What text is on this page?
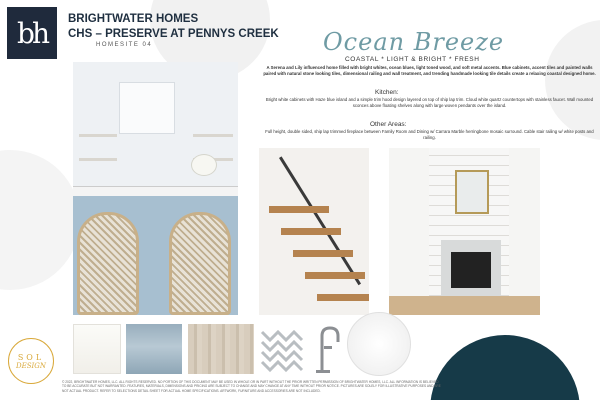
bh BRIGHTWATER HOMES
CHS – PRESERVE AT PENNYS CREEK
HOMESITE 04	Ocean Breeze
COASTAL * LIGHT & BRIGHT * FRESH
A Serena and Lily influenced home filled with bright whites, ocean blues, light toned wood, and soft metal accents. Blue cabinets, accent tiles and painted walls paired with natural stone looking tiles, dimensional railing and wall treatment, and trending handmade looking tile details create a relaxing coastal designed home.
Kitchen:
Bright white cabinets with Haze blue island and a simple trim hood design layered on top of ship lap trim. Cloud white quartz countertops with stainless faucet. Wall mounted sconces above floating shelves along with large woven pendants over the island.
Other Areas:
Full height, double sided, ship lap trimmed fireplace between Family Room and Dining w/ Carrara Marble herringbone mosaic surround. Cable stair railing w/ white posts and railing.
SOL
DESIGN
© 2022, BRIGHTWATER HOMES, LLC. ALL RIGHTS RESERVED. NO PORTION OF THIS DOCUMENT MAY BE USED IN WHOLE OR IN PART WITHOUT THE PRIOR WRITTEN PERMISSION OF BRIGHTWATER HOMES, LLC. ALL INFORMATION IS BELIEVED TO BE ACCURATE BUT NOT WARRANTED. FEATURES, MATERIALS, DIMENSIONS AND PRICING ARE SUBJECT TO CHANGE AND MAY CHANGE AT ANY TIME WITHOUT PRIOR NOTICE. PICTURES ARE SOLELY FOR ILLUSTRATIVE PURPOSES AND ARE NOT ACTUAL PRODUCT. REFER TO SELECTIONS DETAIL SHEET FOR ACTUAL HOME SPECIFICATIONS. ARTWORK, FURNITURE AND ACCESSORIES ARE NOT INCLUDED.
